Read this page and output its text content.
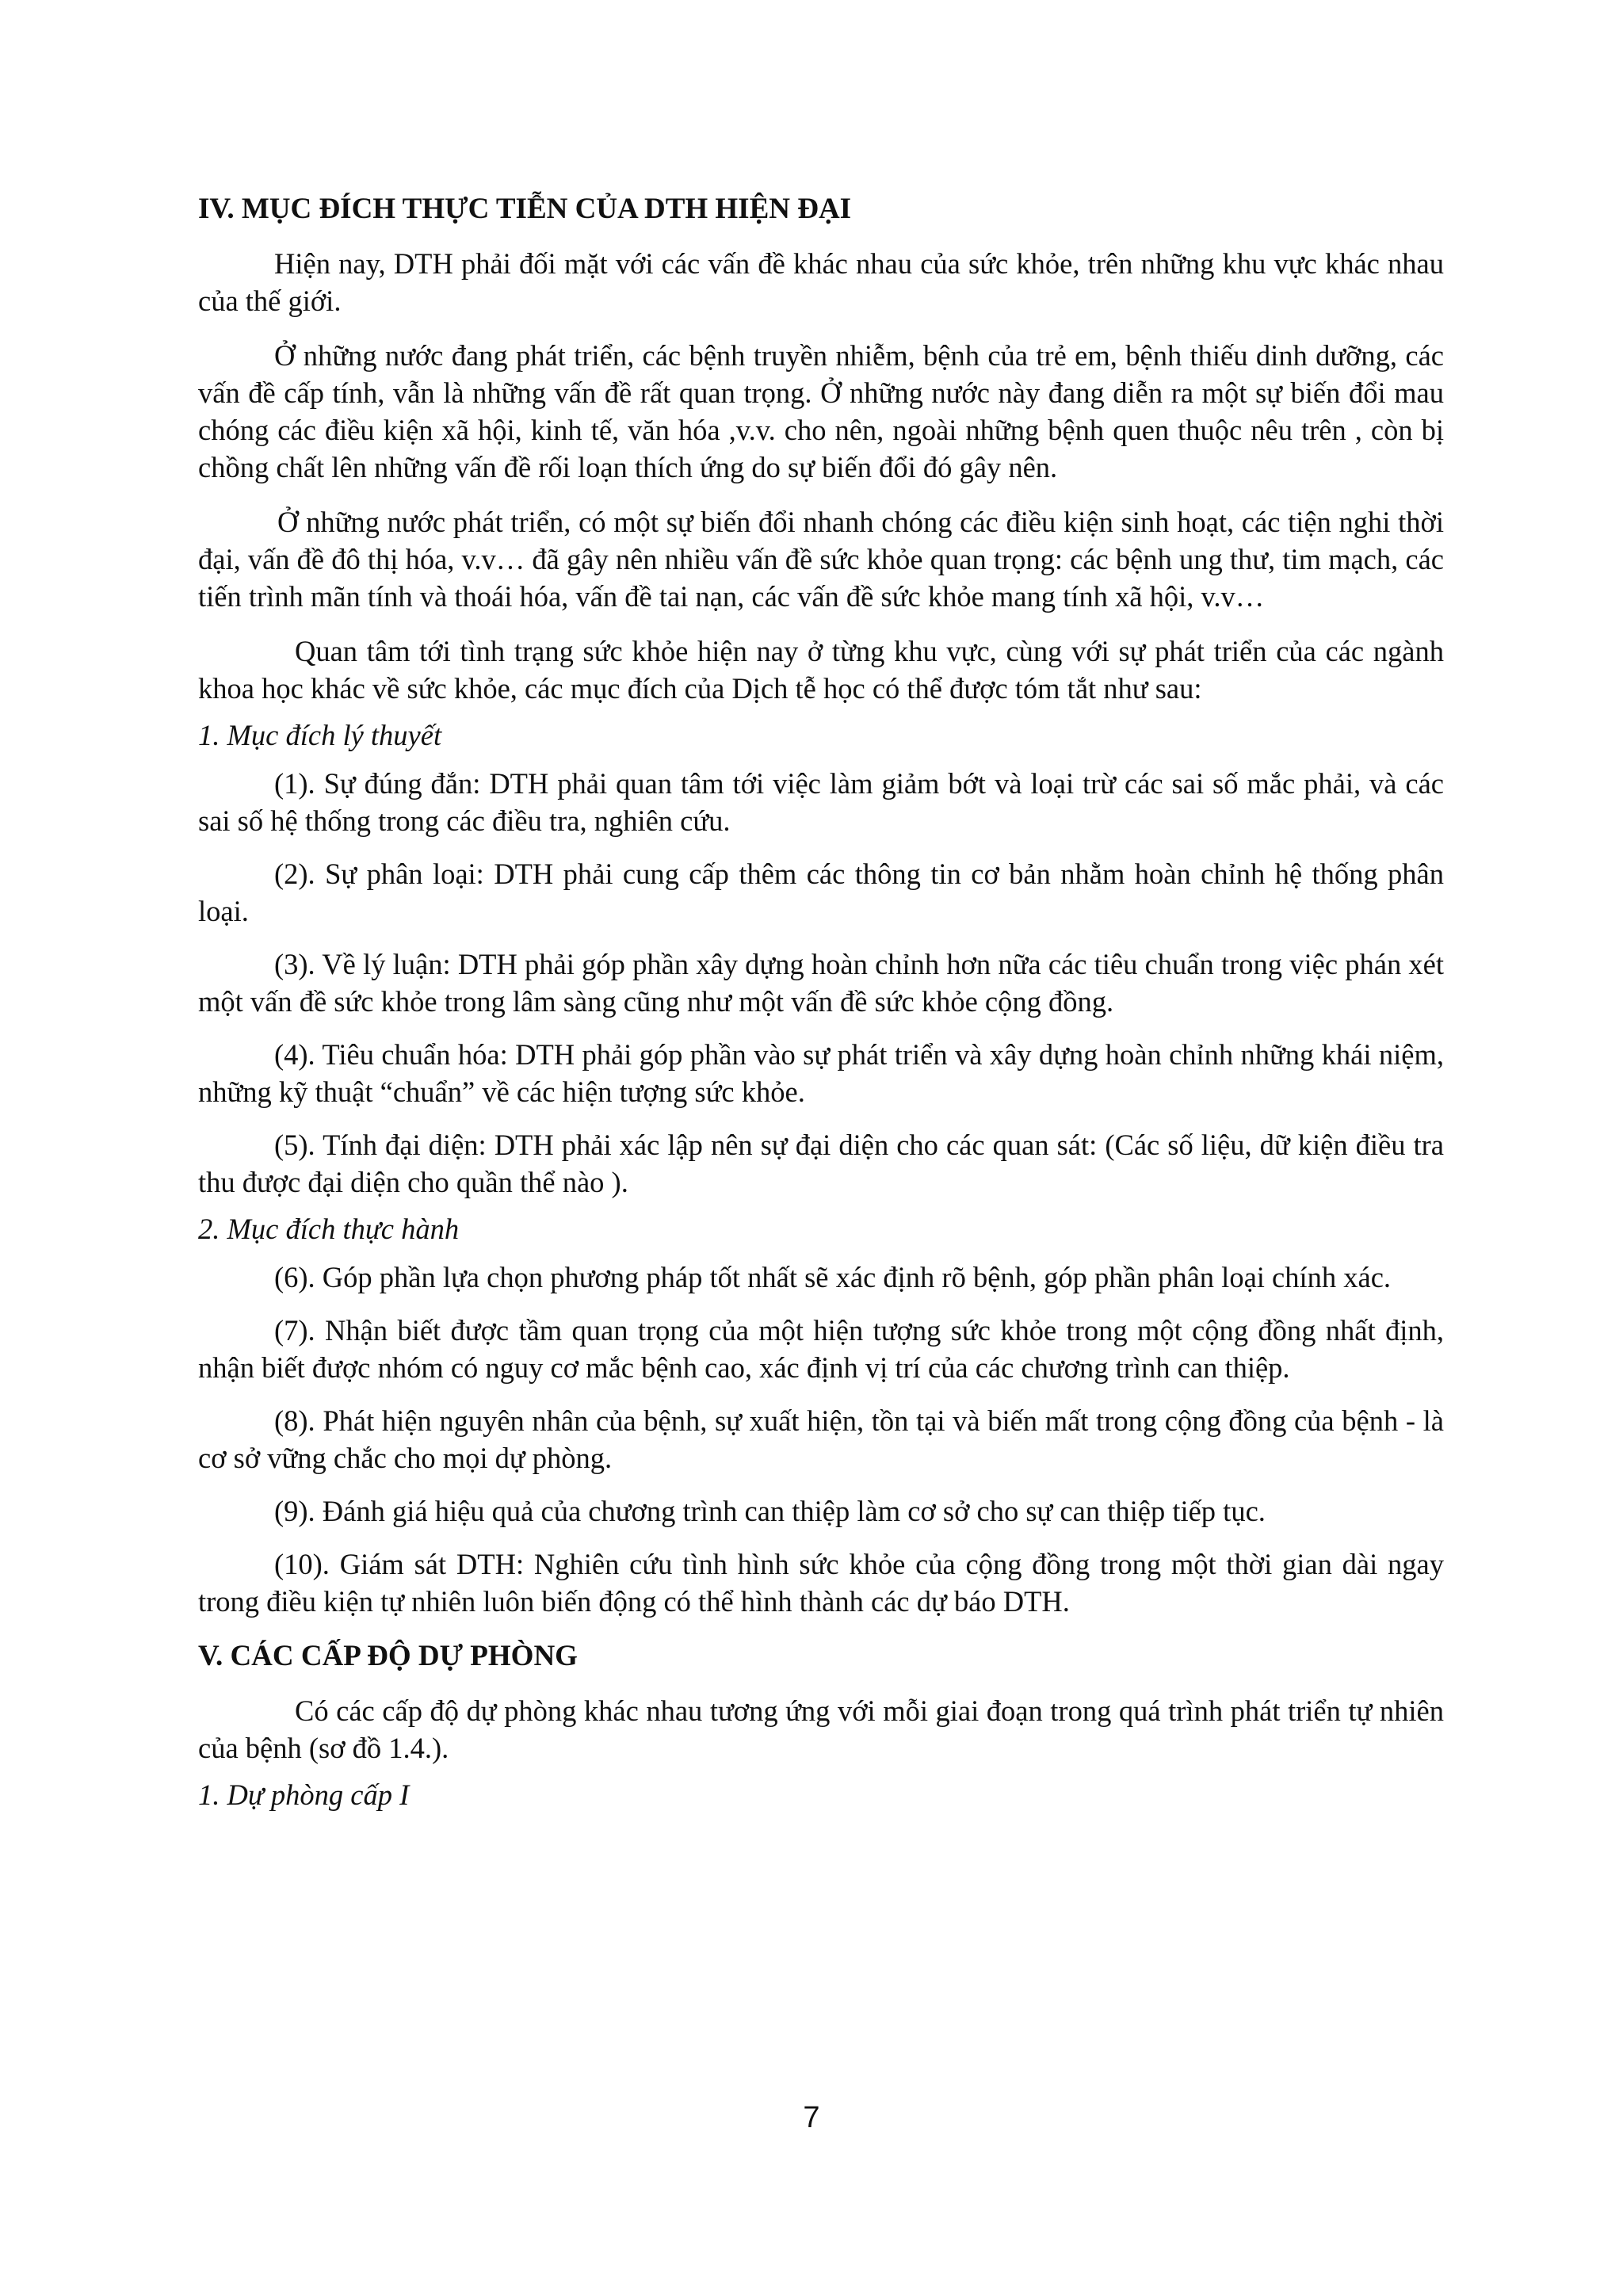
IV. MỤC ĐÍCH THỰC TIỄN CỦA DTH HIỆN ĐẠI

Hiện nay, DTH phải đối mặt với các vấn đề khác nhau của sức khỏe, trên những khu vực khác nhau của thế giới.

Ở những nước đang phát triển, các bệnh truyền nhiễm, bệnh của trẻ em, bệnh thiếu dinh dưỡng, các vấn đề cấp tính, vẫn là những vấn đề rất quan trọng. Ở những nước này đang diễn ra một sự biến đổi mau chóng các điều kiện xã hội, kinh tế, văn hóa ,v.v. cho nên, ngoài những bệnh quen thuộc nêu trên , còn bị chồng chất lên những vấn đề rối loạn thích ứng do sự biến đổi đó gây nên.

Ở những nước phát triển, có một sự biến đổi nhanh chóng các điều kiện sinh hoạt, các tiện nghi thời đại, vấn đề đô thị hóa, v.v… đã gây nên nhiều vấn đề sức khỏe quan trọng: các bệnh ung thư, tim mạch, các tiến trình mãn tính và thoái hóa, vấn đề tai nạn, các vấn đề sức khỏe mang tính xã hội, v.v…

Quan tâm tới tình trạng sức khỏe hiện nay ở từng khu vực, cùng với sự phát triển của các ngành khoa học khác về sức khỏe, các mục đích của Dịch tễ học có thể được tóm tắt như sau:

1. Mục đích lý thuyết

(1). Sự đúng đắn: DTH phải quan tâm tới việc làm giảm bớt và loại trừ các sai số mắc phải, và các sai số hệ thống trong các điều tra, nghiên cứu.

(2). Sự phân loại: DTH phải cung cấp thêm các thông tin cơ bản nhằm hoàn chỉnh hệ thống phân loại.

(3). Về lý luận: DTH phải góp phần xây dựng hoàn chỉnh hơn nữa các tiêu chuẩn trong việc phán xét một vấn đề sức khỏe trong lâm sàng cũng như một vấn đề sức khỏe cộng đồng.

(4). Tiêu chuẩn hóa: DTH phải góp phần vào sự phát triển và xây dựng hoàn chỉnh những khái niệm, những kỹ thuật “chuẩn” về các hiện tượng sức khỏe.

(5). Tính đại diện: DTH phải xác lập nên sự đại diện cho các quan sát: (Các số liệu, dữ kiện điều tra thu được đại diện cho quần thể nào ).

2. Mục đích thực hành

(6). Góp phần lựa chọn phương pháp tốt nhất sẽ xác định rõ bệnh, góp phần phân loại chính xác.

(7). Nhận biết được tầm quan trọng của một hiện tượng sức khỏe trong một cộng đồng nhất định, nhận biết được nhóm có nguy cơ mắc bệnh cao, xác định vị trí của các chương trình can thiệp.

(8). Phát hiện nguyên nhân của bệnh, sự xuất hiện, tồn tại và biến mất trong cộng đồng của bệnh - là cơ sở vững chắc cho mọi dự phòng.

(9). Đánh giá hiệu quả của chương trình can thiệp làm cơ sở cho sự can thiệp tiếp tục.

(10). Giám sát DTH: Nghiên cứu tình hình sức khỏe của cộng đồng trong một thời gian dài ngay trong điều kiện tự nhiên luôn biến động có thể hình thành các dự báo DTH.

V. CÁC CẤP ĐỘ DỰ PHÒNG

Có các cấp độ dự phòng khác nhau tương ứng với mỗi giai đoạn trong quá trình phát triển tự nhiên của bệnh (sơ đồ 1.4.).

1. Dự phòng cấp I

7
